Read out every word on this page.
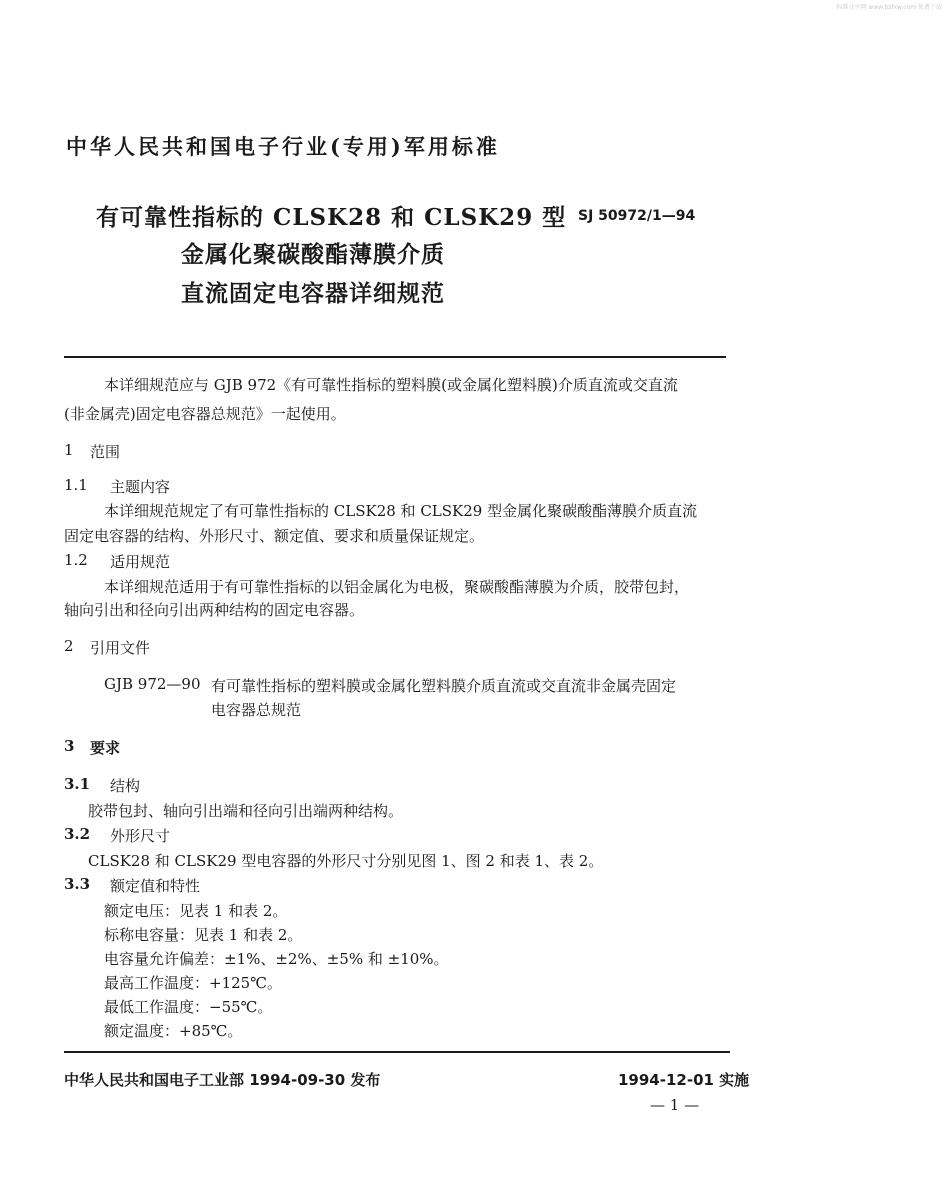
标准分享网 www.bzfxw.com 免费下载
中华人民共和国电子行业(专用)军用标准
有可靠性指标的 CLSK28 和 CLSK29 型
金属化聚碳酸酯薄膜介质
直流固定电容器详细规范
SJ 50972/1—94
本详细规范应与 GJB 972《有可靠性指标的塑料膜(或金属化塑料膜)介质直流或交直流
(非金属壳)固定电容器总规范》一起使用。
1 范围
1.1 主题内容
本详细规范规定了有可靠性指标的 CLSK28 和 CLSK29 型金属化聚碳酸酯薄膜介质直流
固定电容器的结构、外形尺寸、额定值、要求和质量保证规定。
1.2 适用规范
本详细规范适用于有可靠性指标的以铝金属化为电极，聚碳酸酯薄膜为介质，胶带包封，
轴向引出和径向引出两种结构的固定电容器。
2 引用文件
GJB 972—90 有可靠性指标的塑料膜或金属化塑料膜介质直流或交直流非金属壳固定
电容器总规范
3 要求
3.1 结构
胶带包封、轴向引出端和径向引出端两种结构。
3.2 外形尺寸
CLSK28 和 CLSK29 型电容器的外形尺寸分别见图 1、图 2 和表 1、表 2。
3.3 额定值和特性
额定电压：见表 1 和表 2。
标称电容量：见表 1 和表 2。
电容量允许偏差：±1%、±2%、±5% 和 ±10%。
最高工作温度：+125℃。
最低工作温度：−55℃。
额定温度：+85℃。
中华人民共和国电子工业部 1994-09-30 发布	1994-12-01 实施
— 1 —
